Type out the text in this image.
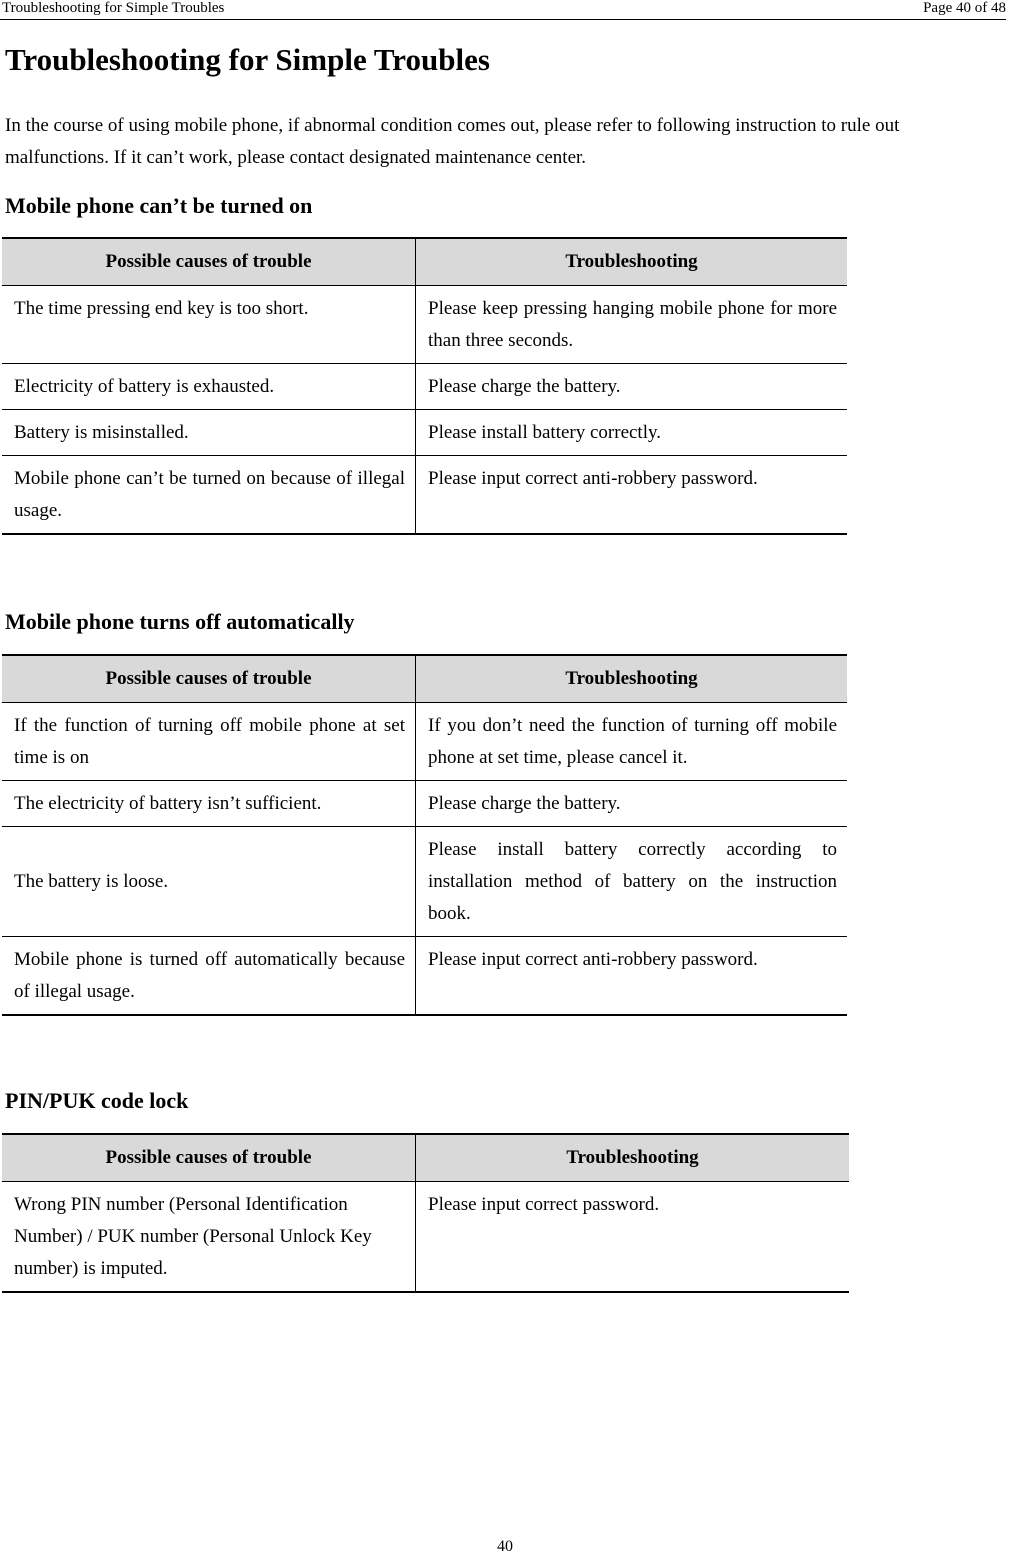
Troubleshooting for Simple Troubles	Page 40 of 48
Troubleshooting for Simple Troubles

In the course of using mobile phone, if abnormal condition comes out, please refer to following instruction to rule out malfunctions. If it can’t work, please contact designated maintenance center.

Mobile phone can’t be turned on
Possible causes of trouble	Troubleshooting
The time pressing end key is too short.	Please keep pressing hanging mobile phone for more than three seconds.
Electricity of battery is exhausted.	Please charge the battery.
Battery is misinstalled.	Please install battery correctly.
Mobile phone can’t be turned on because of illegal usage.	Please input correct anti-robbery password.
Mobile phone turns off automatically
Possible causes of trouble	Troubleshooting
If the function of turning off mobile phone at set time is on	If you don’t need the function of turning off mobile phone at set time, please cancel it.
The electricity of battery isn’t sufficient.	Please charge the battery.
The battery is loose.	Please install battery correctly according to installation method of battery on the instruction book.
Mobile phone is turned off automatically because of illegal usage.	Please input correct anti-robbery password.
PIN/PUK code lock
Possible causes of trouble	Troubleshooting
Wrong PIN number (Personal Identification Number) / PUK number (Personal Unlock Key number) is imputed.	Please input correct password.
40
